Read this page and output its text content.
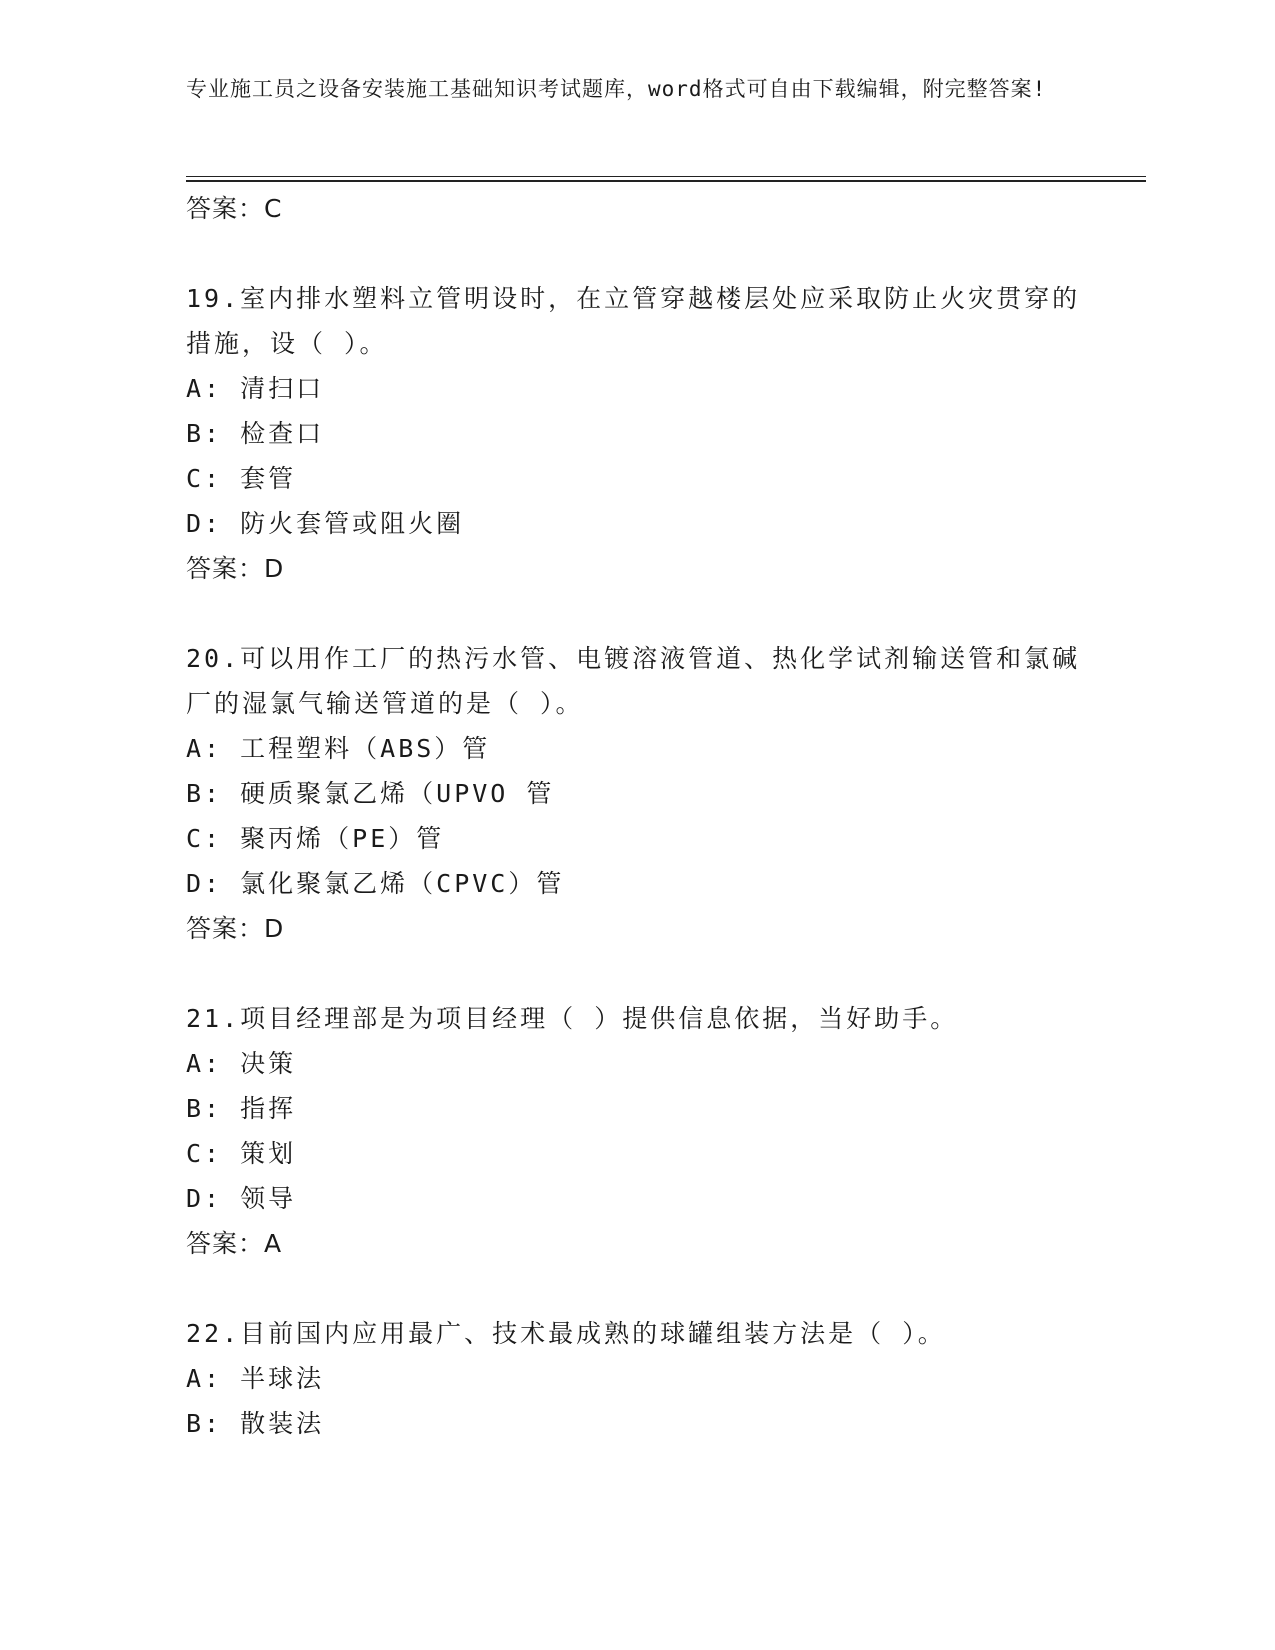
专业施工员之设备安装施工基础知识考试题库，word格式可自由下载编辑，附完整答案!

答案：C

19.室内排水塑料立管明设时，在立管穿越楼层处应采取防止火灾贯穿的措施，设（ ）。

A: 清扫口

B: 检查口

C: 套管

D: 防火套管或阻火圈

答案：D

20.可以用作工厂的热污水管、电镀溶液管道、热化学试剂输送管和氯碱厂的湿氯气输送管道的是（ ）。

A: 工程塑料（ABS）管

B: 硬质聚氯乙烯（UPVO 管

C: 聚丙烯（PE）管

D: 氯化聚氯乙烯（CPVC）管

答案：D

21.项目经理部是为项目经理（ ）提供信息依据，当好助手。

A: 决策

B: 指挥

C: 策划

D: 领导

答案：A

22.目前国内应用最广、技术最成熟的球罐组装方法是（ ）。

A: 半球法

B: 散装法
